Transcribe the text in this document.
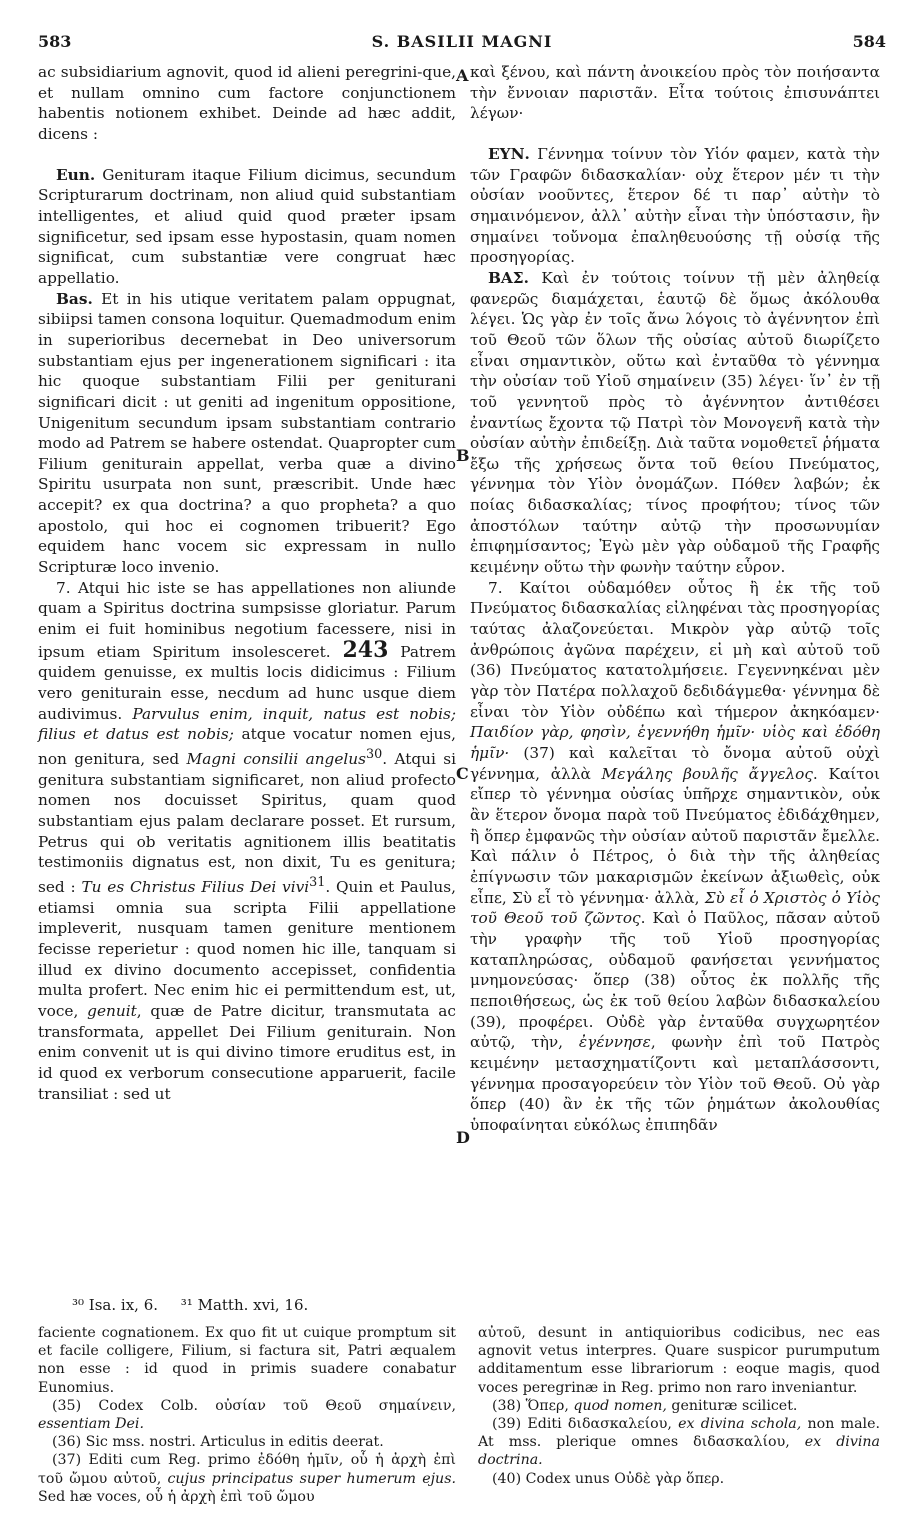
583	S. BASILII MAGNI	584

ac subsidiarium agnovit, quod id alieni peregrini-que, et nullam omnino cum factore conjunctionem habentis notionem exhibet. Deinde ad hæc addit, dicens :

Eun. Genituram itaque Filium dicimus, secundum Scripturarum doctrinam, non aliud quid substantiam intelligentes, et aliud quid quod præter ipsam significetur, sed ipsam esse hypostasin, quam nomen significat, cum substantiæ vere congruat hæc appellatio.

Bas. Et in his utique veritatem palam oppugnat, sibiipsi tamen consona loquitur. Quemadmodum enim in superioribus decernebat in Deo universorum substantiam ejus per ingenerationem significari : ita hic quoque substantiam Filii per geniturani significari dicit : ut geniti ad ingenitum oppositione, Unigenitum secundum ipsam substantiam contrario modo ad Patrem se habere ostendat. Quapropter cum Filium geniturain appellat, verba quæ a divino Spiritu usurpata non sunt, præscribit. Unde hæc accepit? ex qua doctrina? a quo propheta? a quo apostolo, qui hoc ei cognomen tribuerit? Ego equidem hanc vocem sic expressam in nullo Scripturæ loco invenio.

7. Atqui hic iste se has appellationes non aliunde quam a Spiritus doctrina sumpsisse gloriatur. Parum enim ei fuit hominibus negotium facessere, nisi in ipsum etiam Spiritum insolesceret. 243 Patrem quidem genuisse, ex multis locis didicimus : Filium vero geniturain esse, necdum ad hunc usque diem audivimus. Parvulus enim, inquit, natus est nobis; filius et datus est nobis; atque vocatur nomen ejus, non genitura, sed Magni consilii angelus$^{30}$. Atqui si genitura substantiam significaret, non aliud profecto nomen nos docuisset Spiritus, quam quod substantiam ejus palam declarare posset. Et rursum, Petrus qui ob veritatis agnitionem illis beatitatis testimoniis dignatus est, non dixit, Tu es genitura; sed : Tu es Christus Filius Dei vivi$^{31}$. Quin et Paulus, etiamsi omnia sua scripta Filii appellatione impleverit, nusquam tamen geniture mentionem fecisse reperietur : quod nomen hic ille, tanquam si illud ex divino documento accepisset, confidentia multa profert. Nec enim hic ei permittendum est, ut, voce, genuit, quæ de Patre dicitur, transmutata ac transformata, appellet Dei Filium geniturain. Non enim convenit ut is qui divino timore eruditus est, in id quod ex verborum consecutione apparuerit, facile transiliat : sed ut

καὶ ξένου, καὶ πάντη ἀνοικείου πρὸς τὸν ποιήσαντα τὴν ἔννοιαν παριστᾶν. Εἶτα τούτοις ἐπισυνάπτει λέγων·

ΕΥΝ. Γέννημα τοίνυν τὸν Υἱόν φαμεν, κατὰ τὴν τῶν Γραφῶν διδασκαλίαν· οὐχ ἕτερον μέν τι τὴν οὐσίαν νοοῦντες, ἕτερον δέ τι παρ᾽ αὐτὴν τὸ σημαινόμενον, ἀλλ᾽ αὐτὴν εἶναι τὴν ὑπόστασιν, ἣν σημαίνει τοὔνομα ἐπαληθευούσης τῇ οὐσίᾳ τῆς προσηγορίας.

ΒΑΣ. Καὶ ἐν τούτοις τοίνυν τῇ μὲν ἀληθείᾳ φανερῶς διαμάχεται, ἑαυτῷ δὲ ὅμως ἀκόλουθα λέγει. Ὡς γὰρ ἐν τοῖς ἄνω λόγοις τὸ ἀγέννητον ἐπὶ τοῦ Θεοῦ τῶν ὅλων τῆς οὐσίας αὐτοῦ διωρίζετο εἶναι σημαντικὸν, οὕτω καὶ ἐνταῦθα τὸ γέννημα τὴν οὐσίαν τοῦ Υἱοῦ σημαίνειν (35) λέγει· ἵν᾽ ἐν τῇ τοῦ γεννητοῦ πρὸς τὸ ἀγέννητον ἀντιθέσει ἐναντίως ἔχοντα τῷ Πατρὶ τὸν Μονογενῆ κατὰ τὴν οὐσίαν αὐτὴν ἐπιδείξῃ. Διὰ ταῦτα νομοθετεῖ ῥήματα ἔξω τῆς χρήσεως ὄντα τοῦ θείου Πνεύματος, γέννημα τὸν Υἱὸν ὀνομάζων. Πόθεν λαβών; ἐκ ποίας διδασκαλίας; τίνος προφήτου; τίνος τῶν ἀποστόλων ταύτην αὐτῷ τὴν προσωνυμίαν ἐπιφημίσαντος; Ἐγὼ μὲν γὰρ οὐδαμοῦ τῆς Γραφῆς κειμένην οὕτω τὴν φωνὴν ταύτην εὗρον.

7. Καίτοι οὐδαμόθεν οὗτος ἢ ἐκ τῆς τοῦ Πνεύματος διδασκαλίας εἰληφέναι τὰς προσηγορίας ταύτας ἀλαζονεύεται. Μικρὸν γὰρ αὐτῷ τοῖς ἀνθρώποις ἀγῶνα παρέχειν, εἰ μὴ καὶ αὐτοῦ τοῦ (36) Πνεύματος κατατολμήσειε. Γεγεννηκέναι μὲν γὰρ τὸν Πατέρα πολλαχοῦ δεδιδάγμεθα· γέννημα δὲ εἶναι τὸν Υἱὸν οὐδέπω καὶ τήμερον ἀκηκόαμεν· Παιδίον γὰρ, φησὶν, ἐγεννήθη ἡμῖν· υἱὸς καὶ ἐδόθη ἡμῖν· (37) καὶ καλεῖται τὸ ὄνομα αὐτοῦ οὐχὶ γέννημα, ἀλλὰ Μεγάλης βουλῆς ἄγγελος. Καίτοι εἴπερ τὸ γέννημα οὐσίας ὑπῆρχε σημαντικὸν, οὐκ ἂν ἕτερον ὄνομα παρὰ τοῦ Πνεύματος ἐδιδάχθημεν, ἢ ὅπερ ἐμφανῶς τὴν οὐσίαν αὐτοῦ παριστᾶν ἔμελλε. Καὶ πάλιν ὁ Πέτρος, ὁ διὰ τὴν τῆς ἀληθείας ἐπίγνωσιν τῶν μακαρισμῶν ἐκείνων ἀξιωθεὶς, οὐκ εἶπε, Σὺ εἶ τὸ γέννημα· ἀλλὰ, Σὺ εἶ ὁ Χριστὸς ὁ Υἱὸς τοῦ Θεοῦ τοῦ ζῶντος. Καὶ ὁ Παῦλος, πᾶσαν αὐτοῦ τὴν γραφὴν τῆς τοῦ Υἱοῦ προσηγορίας καταπληρώσας, οὐδαμοῦ φανήσεται γεννήματος μνημονεύσας· ὅπερ (38) οὗτος ἐκ πολλῆς τῆς πεποιθήσεως, ὡς ἐκ τοῦ θείου λαβὼν διδασκαλείου (39), προφέρει. Οὐδὲ γὰρ ἐνταῦθα συγχωρητέον αὐτῷ, τὴν, ἐγέννησε, φωνὴν ἐπὶ τοῦ Πατρὸς κειμένην μετασχηματίζοντι καὶ μεταπλάσσοντι, γέννημα προσαγορεύειν τὸν Υἱὸν τοῦ Θεοῦ. Οὐ γὰρ ὅπερ (40) ἂν ἐκ τῆς τῶν ῥημάτων ἀκολουθίας ὑποφαίνηται εὐκόλως ἐπιπηδᾶν

A
B
C
D
³⁰ Isa. ix, 6. ³¹ Matth. xvi, 16.

faciente cognationem. Ex quo fit ut cuique promptum sit et facile colligere, Filium, si factura sit, Patri æqualem non esse : id quod in primis suadere conabatur Eunomius.

(35) Codex Colb. οὐσίαν τοῦ Θεοῦ σημαίνειν, essentiam Dei.

(36) Sic mss. nostri. Articulus in editis deerat.

(37) Editi cum Reg. primo ἐδόθη ἡμῖν, οὗ ἡ ἀρχὴ ἐπὶ τοῦ ὤμου αὐτοῦ, cujus principatus super humerum ejus. Sed hæ voces, οὗ ἡ ἀρχὴ ἐπὶ τοῦ ὤμου

αὐτοῦ, desunt in antiquioribus codicibus, nec eas agnovit vetus interpres. Quare suspicor purumputum additamentum esse librariorum : eoque magis, quod voces peregrinæ in Reg. primo non raro inveniantur.

(38) Ὅπερ, quod nomen, genituræ scilicet.

(39) Editi διδασκαλείου, ex divina schola, non male. At mss. plerique omnes διδασκαλίου, ex divina doctrina.

(40) Codex unus Οὐδὲ γὰρ ὅπερ.
